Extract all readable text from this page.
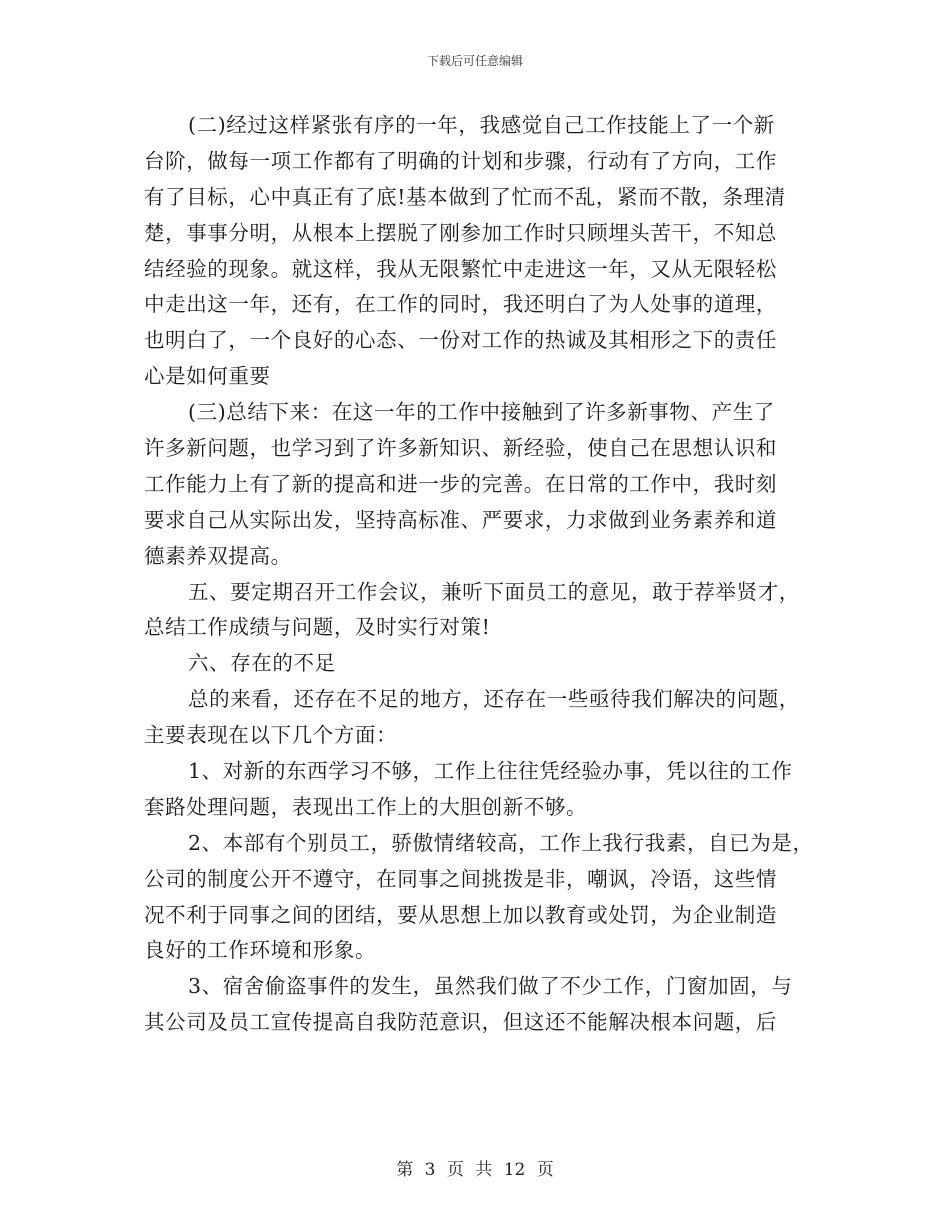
下载后可任意编辑
(二)经过这样紧张有序的一年，我感觉自己工作技能上了一个新
台阶，做每一项工作都有了明确的计划和步骤，行动有了方向，工作
有了目标，心中真正有了底!基本做到了忙而不乱，紧而不散，条理清
楚，事事分明，从根本上摆脱了刚参加工作时只顾埋头苦干，不知总
结经验的现象。就这样，我从无限繁忙中走进这一年，又从无限轻松
中走出这一年，还有，在工作的同时，我还明白了为人处事的道理，
也明白了，一个良好的心态、一份对工作的热诚及其相形之下的责任
心是如何重要
(三)总结下来：在这一年的工作中接触到了许多新事物、产生了
许多新问题，也学习到了许多新知识、新经验，使自己在思想认识和
工作能力上有了新的提高和进一步的完善。在日常的工作中，我时刻
要求自己从实际出发，坚持高标准、严要求，力求做到业务素养和道
德素养双提高。
五、要定期召开工作会议，兼听下面员工的意见，敢于荐举贤才，
总结工作成绩与问题，及时实行对策!
六、存在的不足
总的来看，还存在不足的地方，还存在一些亟待我们解决的问题，
主要表现在以下几个方面：
1、对新的东西学习不够，工作上往往凭经验办事，凭以往的工作
套路处理问题，表现出工作上的大胆创新不够。
2、本部有个别员工，骄傲情绪较高，工作上我行我素，自已为是，
公司的制度公开不遵守，在同事之间挑拨是非，嘲讽，冷语，这些情
况不利于同事之间的团结，要从思想上加以教育或处罚，为企业制造
良好的工作环境和形象。
3、宿舍偷盗事件的发生，虽然我们做了不少工作，门窗加固，与
其公司及员工宣传提高自我防范意识，但这还不能解决根本问题，后
第 3 页 共 12 页
